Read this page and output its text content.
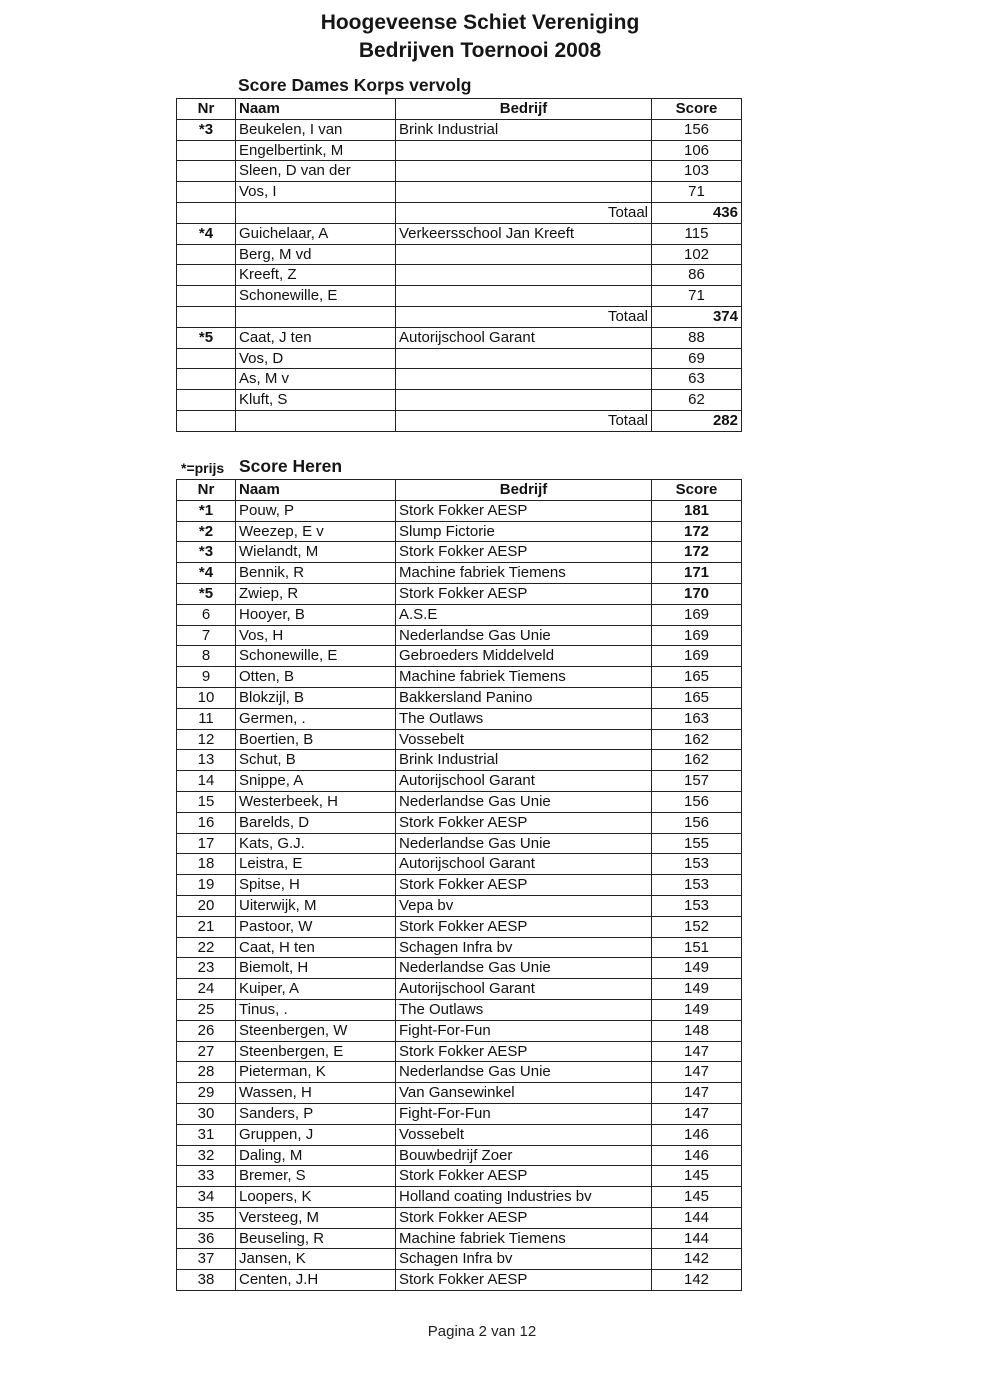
Hoogeveense Schiet Vereniging
Bedrijven Toernooi 2008
Score Dames Korps vervolg
Nr	Naam	Bedrijf	Score
*3	Beukelen, I van	Brink Industrial	156
	Engelbertink, M		106
	Sleen, D van der		103
	Vos, I		71
		Totaal	436
*4	Guichelaar, A	Verkeersschool Jan Kreeft	115
	Berg, M vd		102
	Kreeft, Z		86
	Schonewille, E		71
		Totaal	374
*5	Caat, J ten	Autorijschool Garant	88
	Vos, D		69
	As, M v		63
	Kluft, S		62
		Totaal	282
*=prijs Score Heren
Nr	Naam	Bedrijf	Score
*1	Pouw, P	Stork Fokker AESP	181
*2	Weezep, E v	Slump Fictorie	172
*3	Wielandt, M	Stork Fokker AESP	172
*4	Bennik, R	Machine fabriek Tiemens	171
*5	Zwiep, R	Stork Fokker AESP	170
6	Hooyer, B	A.S.E	169
7	Vos, H	Nederlandse Gas Unie	169
8	Schonewille, E	Gebroeders Middelveld	169
9	Otten, B	Machine fabriek Tiemens	165
10	Blokzijl, B	Bakkersland Panino	165
11	Germen, .	The Outlaws	163
12	Boertien, B	Vossebelt	162
13	Schut, B	Brink Industrial	162
14	Snippe, A	Autorijschool Garant	157
15	Westerbeek, H	Nederlandse Gas Unie	156
16	Barelds, D	Stork Fokker AESP	156
17	Kats, G.J.	Nederlandse Gas Unie	155
18	Leistra, E	Autorijschool Garant	153
19	Spitse, H	Stork Fokker AESP	153
20	Uiterwijk, M	Vepa bv	153
21	Pastoor, W	Stork Fokker AESP	152
22	Caat, H ten	Schagen Infra bv	151
23	Biemolt, H	Nederlandse Gas Unie	149
24	Kuiper, A	Autorijschool Garant	149
25	Tinus, .	The Outlaws	149
26	Steenbergen, W	Fight-For-Fun	148
27	Steenbergen, E	Stork Fokker AESP	147
28	Pieterman, K	Nederlandse Gas Unie	147
29	Wassen, H	Van Gansewinkel	147
30	Sanders, P	Fight-For-Fun	147
31	Gruppen, J	Vossebelt	146
32	Daling, M	Bouwbedrijf Zoer	146
33	Bremer, S	Stork Fokker AESP	145
34	Loopers, K	Holland coating Industries bv	145
35	Versteeg, M	Stork Fokker AESP	144
36	Beuseling, R	Machine fabriek Tiemens	144
37	Jansen, K	Schagen Infra bv	142
38	Centen, J.H	Stork Fokker AESP	142
Pagina 2 van 12
